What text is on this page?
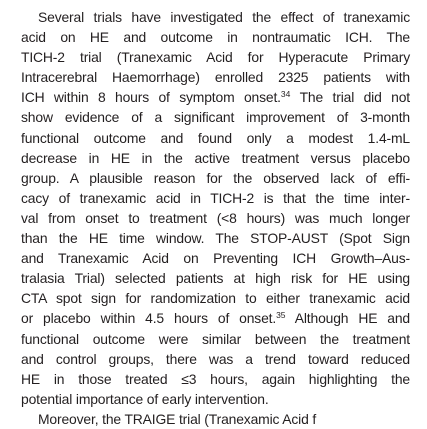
Several trials have investigated the effect of tranexamic
acid on HE and outcome in nontraumatic ICH. The
TICH-2 trial (Tranexamic Acid for Hyperacute Primary
Intracerebral Haemorrhage) enrolled 2325 patients with
ICH within 8 hours of symptom onset.$^{34}$ The trial did not
show evidence of a significant improvement of 3-month
functional outcome and found only a modest 1.4-mL
decrease in HE in the active treatment versus placebo
group. A plausible reason for the observed lack of effi-
cacy of tranexamic acid in TICH-2 is that the time inter-
val from onset to treatment (<8 hours) was much longer
than the HE time window. The STOP-AUST (Spot Sign
and Tranexamic Acid on Preventing ICH Growth–Aus-
tralasia Trial) selected patients at high risk for HE using
CTA spot sign for randomization to either tranexamic acid
or placebo within 4.5 hours of onset.$^{35}$ Although HE and
functional outcome were similar between the treatment
and control groups, there was a trend toward reduced
HE in those treated ≤3 hours, again highlighting the
potential importance of early intervention.
Moreover, the TRAIGE trial (Tranexamic Acid f
